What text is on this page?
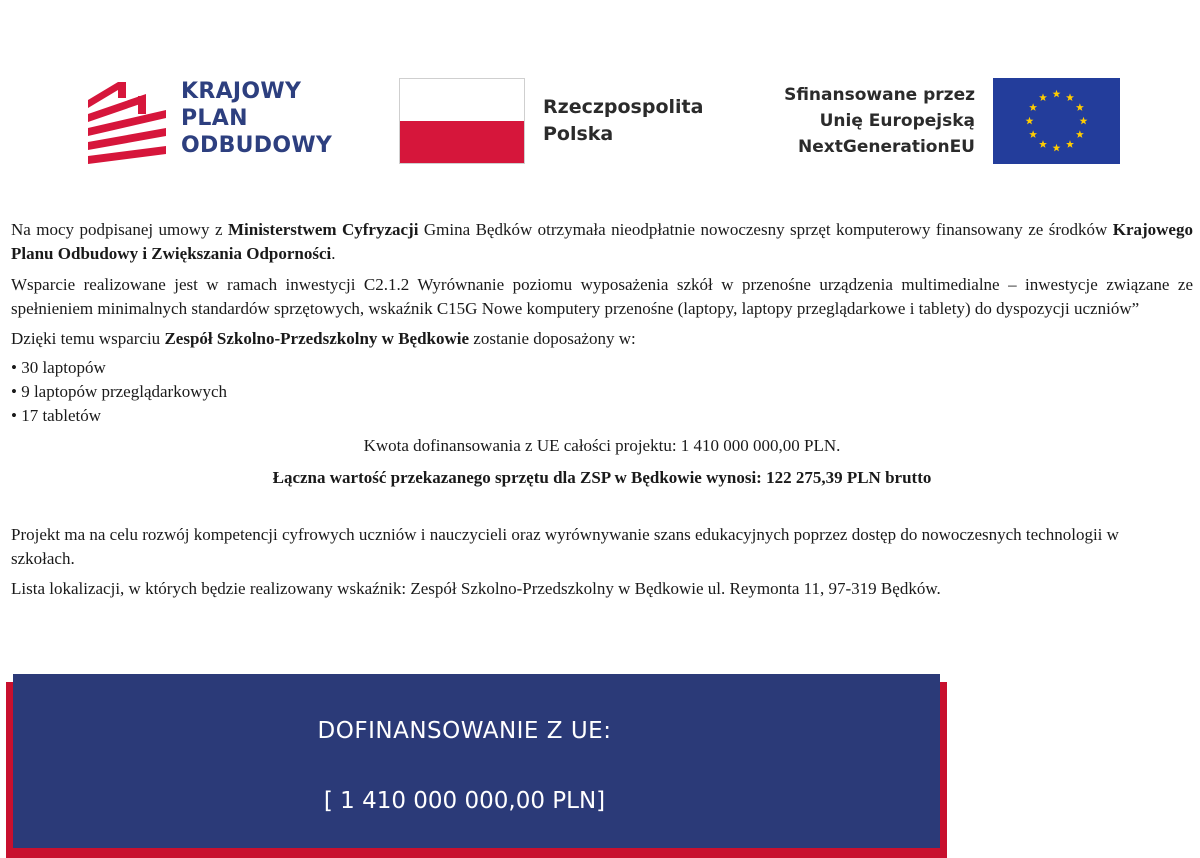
KRAJOWY
PLAN
ODBUDOWY
Rzeczpospolita
Polska
Sfinansowane przez
Unię Europejską
NextGenerationEU

Na mocy podpisanej umowy z Ministerstwem Cyfryzacji Gmina Będków otrzymała nieodpłatnie nowoczesny sprzęt komputerowy finansowany ze środków Krajowego Planu Odbudowy i Zwiększania Odporności.

Wsparcie realizowane jest w ramach inwestycji C2.1.2 Wyrównanie poziomu wyposażenia szkół w przenośne urządzenia multimedialne – inwestycje związane ze spełnieniem minimalnych standardów sprzętowych, wskaźnik C15G Nowe komputery przenośne (laptopy, laptopy przeglądarkowe i tablety) do dyspozycji uczniów”

Dzięki temu wsparciu Zespół Szkolno-Przedszkolny w Będkowie zostanie doposażony w:

• 30 laptopów
• 9 laptopów przeglądarkowych
• 17 tabletów

Kwota dofinansowania z UE całości projektu: 1 410 000 000,00 PLN.

Łączna wartość przekazanego sprzętu dla ZSP w Będkowie wynosi: 122 275,39 PLN brutto

Projekt ma na celu rozwój kompetencji cyfrowych uczniów i nauczycieli oraz wyrównywanie szans edukacyjnych poprzez dostęp do nowoczesnych technologii w szkołach.

Lista lokalizacji, w których będzie realizowany wskaźnik: Zespół Szkolno-Przedszkolny w Będkowie ul. Reymonta 11, 97-319 Będków.

DOFINANSOWANIE Z UE:
[ 1 410 000 000,00 PLN]
